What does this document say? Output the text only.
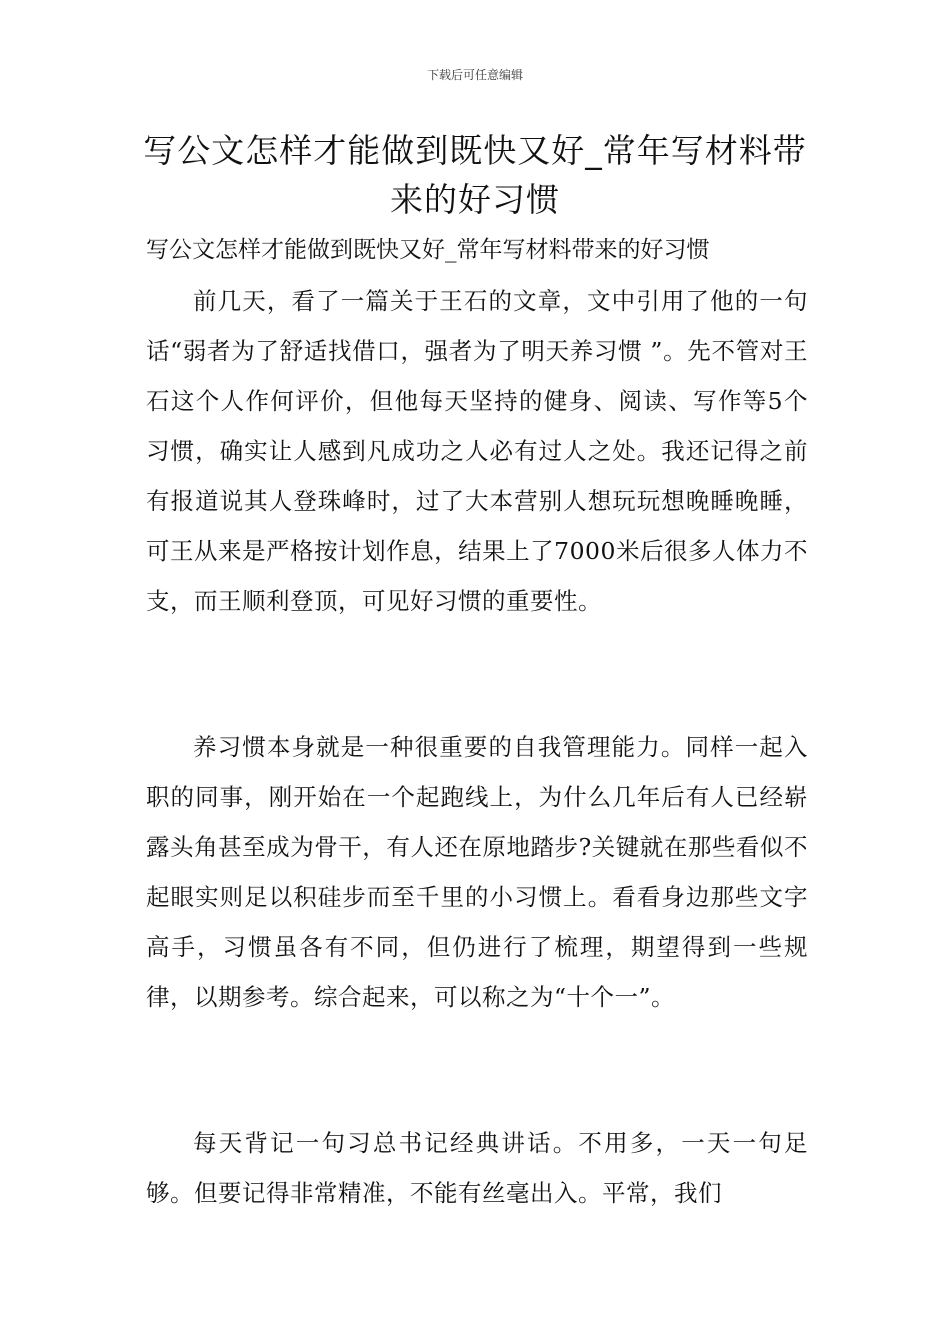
下载后可任意编辑
写公文怎样才能做到既快又好_常年写材料带来的好习惯
写公文怎样才能做到既快又好_常年写材料带来的好习惯

前几天，看了一篇关于王石的文章，文中引用了他的一句话“弱者为了舒适找借口，强者为了明天养习惯 ”。先不管对王石这个人作何评价，但他每天坚持的健身、阅读、写作等5个习惯，确实让人感到凡成功之人必有过人之处。我还记得之前有报道说其人登珠峰时，过了大本营别人想玩玩想晚睡晚睡，可王从来是严格按计划作息，结果上了7000米后很多人体力不支，而王顺利登顶，可见好习惯的重要性。

养习惯本身就是一种很重要的自我管理能力。同样一起入职的同事，刚开始在一个起跑线上，为什么几年后有人已经崭露头角甚至成为骨干，有人还在原地踏步?关键就在那些看似不起眼实则足以积硅步而至千里的小习惯上。看看身边那些文字高手，习惯虽各有不同，但仍进行了梳理，期望得到一些规律，以期参考。综合起来，可以称之为“十个一”。

每天背记一句习总书记经典讲话。不用多，一天一句足够。但要记得非常精准，不能有丝毫出入。平常，我们
